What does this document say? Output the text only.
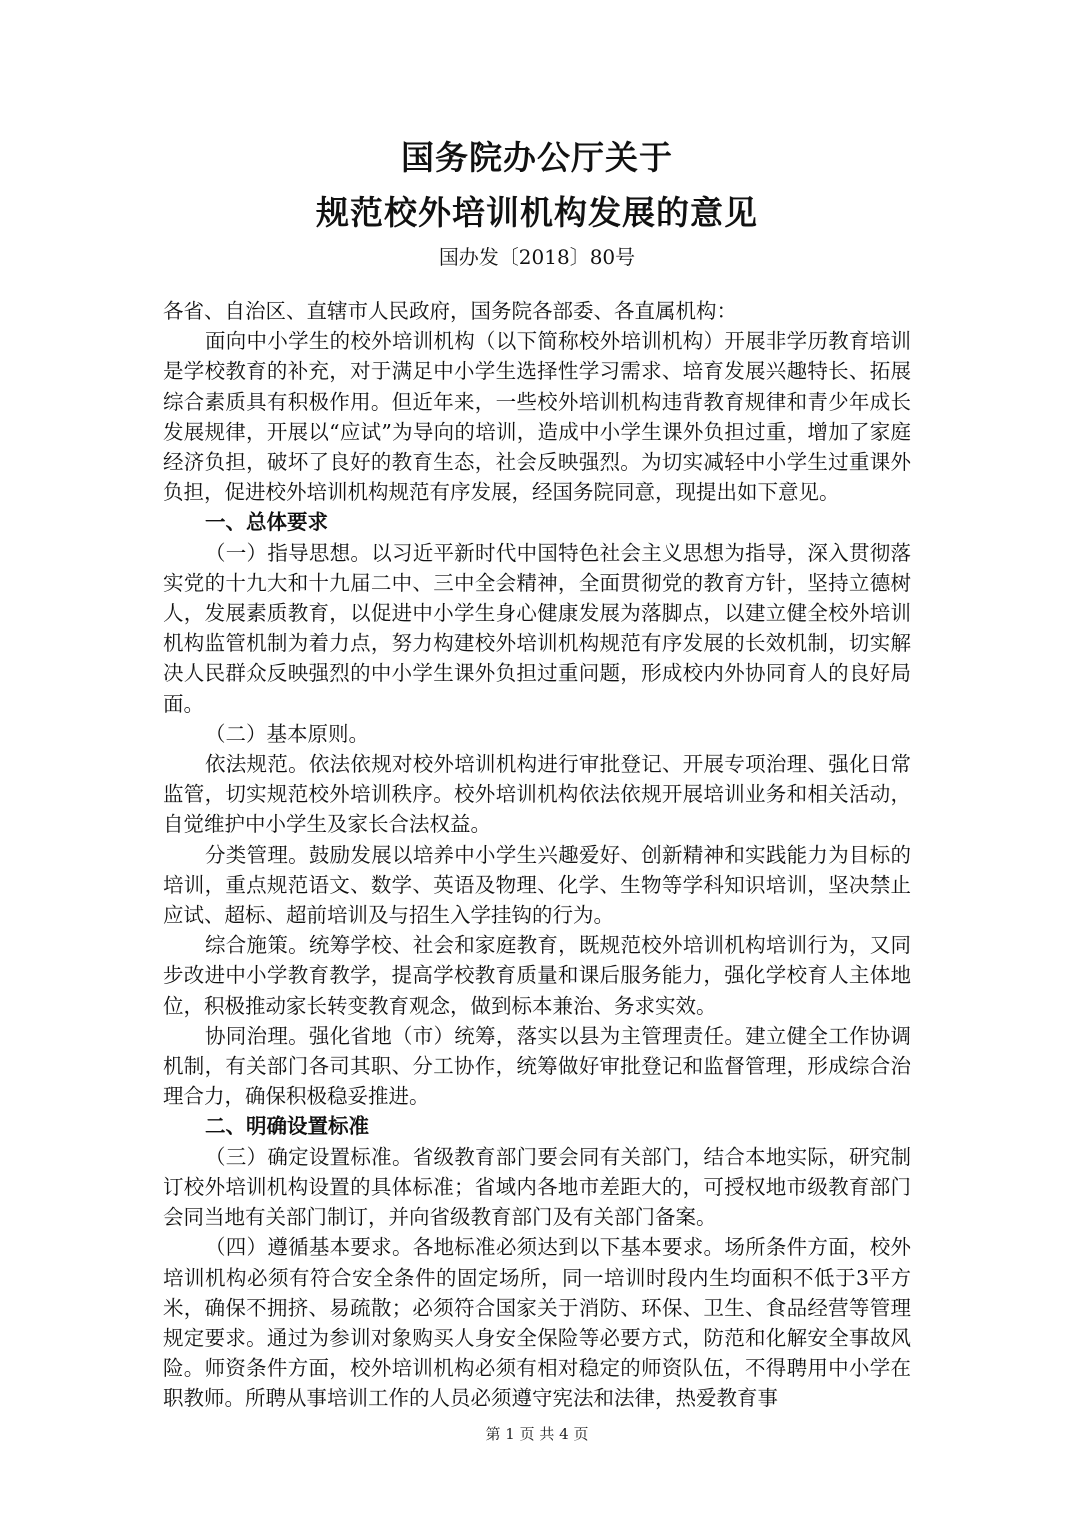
国务院办公厅关于
规范校外培训机构发展的意见
国办发〔2018〕80号

各省、自治区、直辖市人民政府，国务院各部委、各直属机构：

面向中小学生的校外培训机构（以下简称校外培训机构）开展非学历教育培训是学校教育的补充，对于满足中小学生选择性学习需求、培育发展兴趣特长、拓展综合素质具有积极作用。但近年来，一些校外培训机构违背教育规律和青少年成长发展规律，开展以“应试”为导向的培训，造成中小学生课外负担过重，增加了家庭经济负担，破坏了良好的教育生态，社会反映强烈。为切实减轻中小学生过重课外负担，促进校外培训机构规范有序发展，经国务院同意，现提出如下意见。

一、总体要求

（一）指导思想。以习近平新时代中国特色社会主义思想为指导，深入贯彻落实党的十九大和十九届二中、三中全会精神，全面贯彻党的教育方针，坚持立德树人，发展素质教育，以促进中小学生身心健康发展为落脚点，以建立健全校外培训机构监管机制为着力点，努力构建校外培训机构规范有序发展的长效机制，切实解决人民群众反映强烈的中小学生课外负担过重问题，形成校内外协同育人的良好局面。

（二）基本原则。

依法规范。依法依规对校外培训机构进行审批登记、开展专项治理、强化日常监管，切实规范校外培训秩序。校外培训机构依法依规开展培训业务和相关活动，自觉维护中小学生及家长合法权益。

分类管理。鼓励发展以培养中小学生兴趣爱好、创新精神和实践能力为目标的培训，重点规范语文、数学、英语及物理、化学、生物等学科知识培训，坚决禁止应试、超标、超前培训及与招生入学挂钩的行为。

综合施策。统筹学校、社会和家庭教育，既规范校外培训机构培训行为，又同步改进中小学教育教学，提高学校教育质量和课后服务能力，强化学校育人主体地位，积极推动家长转变教育观念，做到标本兼治、务求实效。

协同治理。强化省地（市）统筹，落实以县为主管理责任。建立健全工作协调机制，有关部门各司其职、分工协作，统筹做好审批登记和监督管理，形成综合治理合力，确保积极稳妥推进。

二、明确设置标准

（三）确定设置标准。省级教育部门要会同有关部门，结合本地实际，研究制订校外培训机构设置的具体标准；省域内各地市差距大的，可授权地市级教育部门会同当地有关部门制订，并向省级教育部门及有关部门备案。

（四）遵循基本要求。各地标准必须达到以下基本要求。场所条件方面，校外培训机构必须有符合安全条件的固定场所，同一培训时段内生均面积不低于3平方米，确保不拥挤、易疏散；必须符合国家关于消防、环保、卫生、食品经营等管理规定要求。通过为参训对象购买人身安全保险等必要方式，防范和化解安全事故风险。师资条件方面，校外培训机构必须有相对稳定的师资队伍，不得聘用中小学在职教师。所聘从事培训工作的人员必须遵守宪法和法律，热爱教育事

第 1 页 共 4 页
